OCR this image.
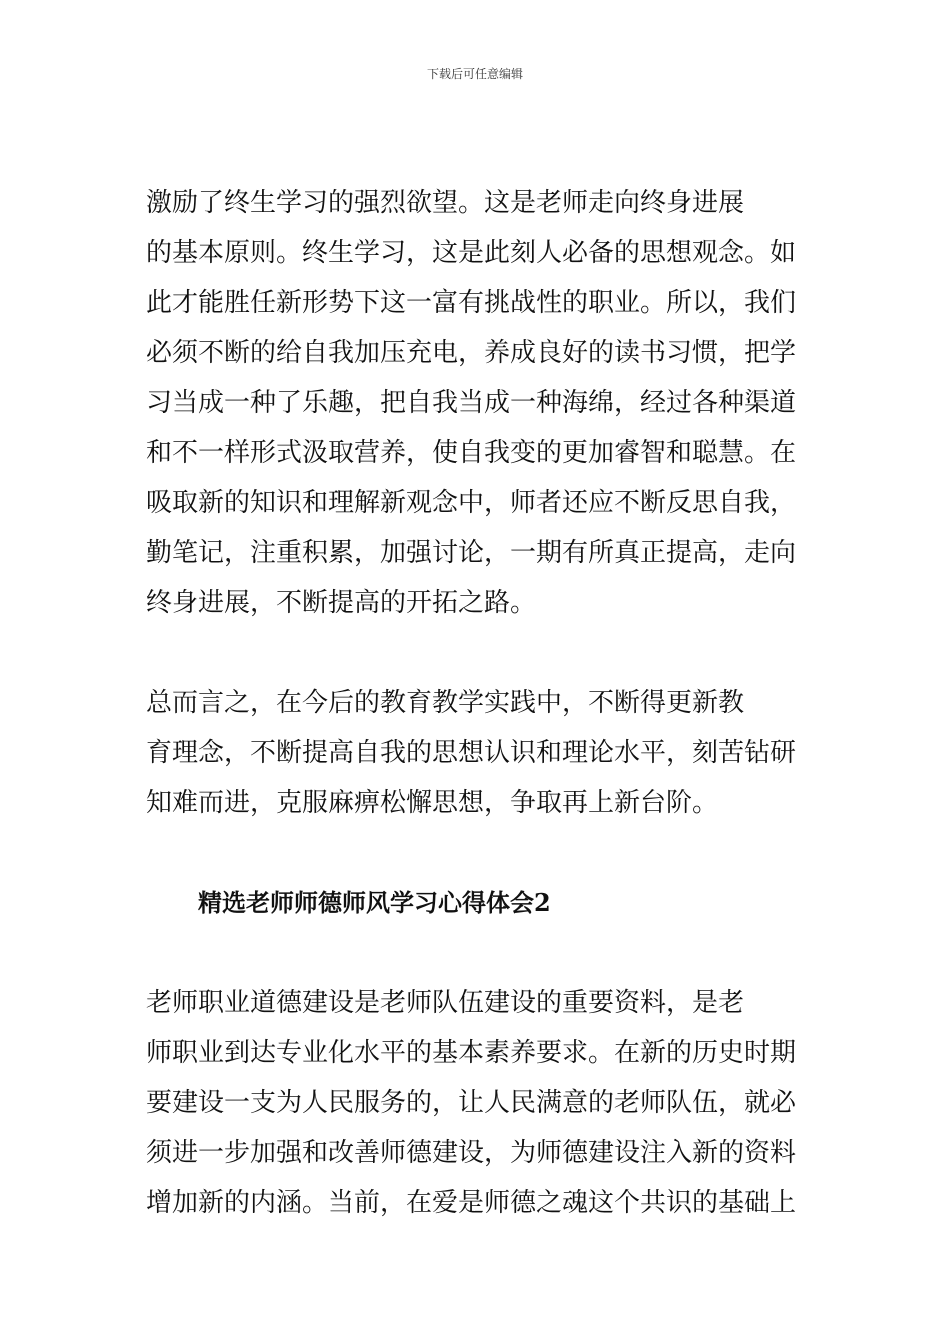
下载后可任意编辑

激励了终生学习的强烈欲望。这是老师走向终身进展

的基本原则。终生学习，这是此刻人必备的思想观念。如

此才能胜任新形势下这一富有挑战性的职业。所以，我们

必须不断的给自我加压充电，养成良好的读书习惯，把学

习当成一种了乐趣，把自我当成一种海绵，经过各种渠道

和不一样形式汲取营养，使自我变的更加睿智和聪慧。在

吸取新的知识和理解新观念中，师者还应不断反思自我，

勤笔记，注重积累，加强讨论，一期有所真正提高，走向

终身进展，不断提高的开拓之路。

总而言之，在今后的教育教学实践中，不断得更新教

育理念，不断提高自我的思想认识和理论水平，刻苦钻研

知难而进，克服麻痹松懈思想，争取再上新台阶。

精选老师师德师风学习心得体会2

老师职业道德建设是老师队伍建设的重要资料，是老

师职业到达专业化水平的基本素养要求。在新的历史时期

要建设一支为人民服务的，让人民满意的老师队伍，就必

须进一步加强和改善师德建设，为师德建设注入新的资料

增加新的内涵。当前，在爱是师德之魂这个共识的基础上
